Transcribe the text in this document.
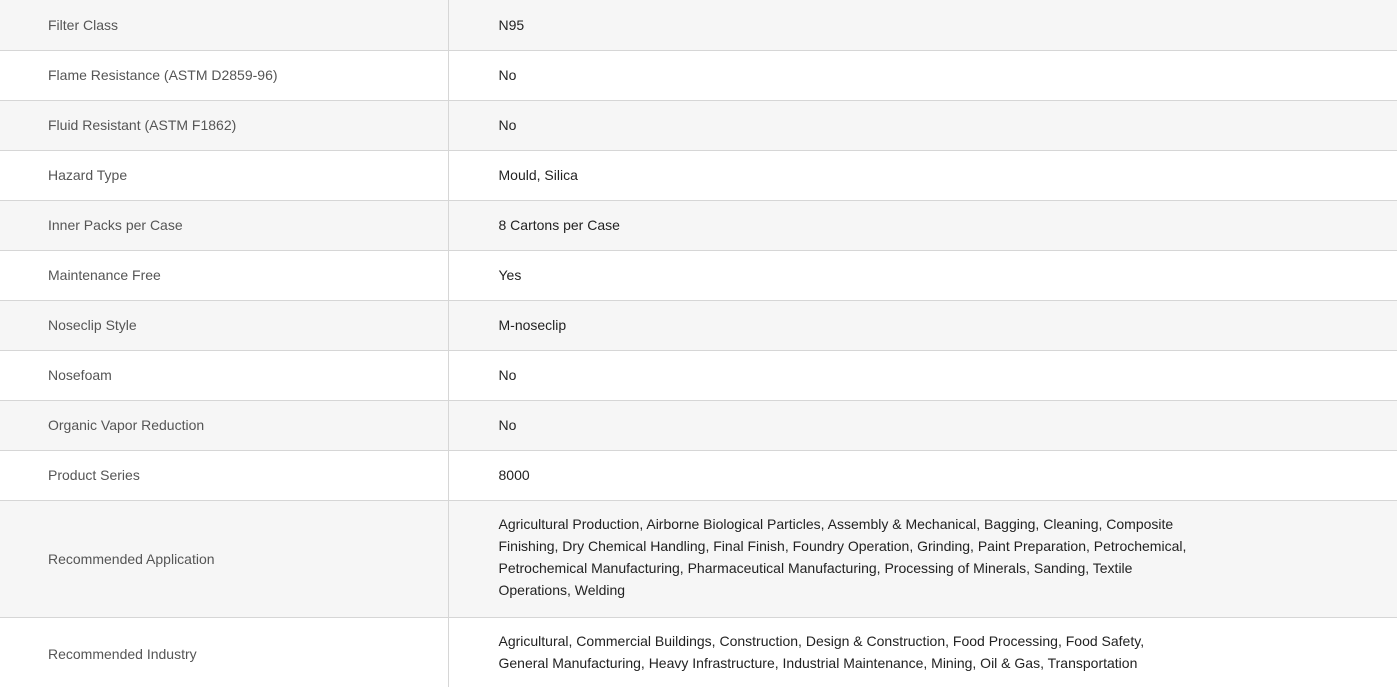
Filter Class	N95
Flame Resistance (ASTM D2859-96)	No
Fluid Resistant (ASTM F1862)	No
Hazard Type	Mould, Silica
Inner Packs per Case	8 Cartons per Case
Maintenance Free	Yes
Noseclip Style	M-noseclip
Nosefoam	No
Organic Vapor Reduction	No
Product Series	8000
Recommended Application	Agricultural Production, Airborne Biological Particles, Assembly & Mechanical, Bagging, Cleaning, Composite Finishing, Dry Chemical Handling, Final Finish, Foundry Operation, Grinding, Paint Preparation, Petrochemical, Petrochemical Manufacturing, Pharmaceutical Manufacturing, Processing of Minerals, Sanding, Textile Operations, Welding
Recommended Industry	Agricultural, Commercial Buildings, Construction, Design & Construction, Food Processing, Food Safety, General Manufacturing, Heavy Infrastructure, Industrial Maintenance, Mining, Oil & Gas, Transportation
